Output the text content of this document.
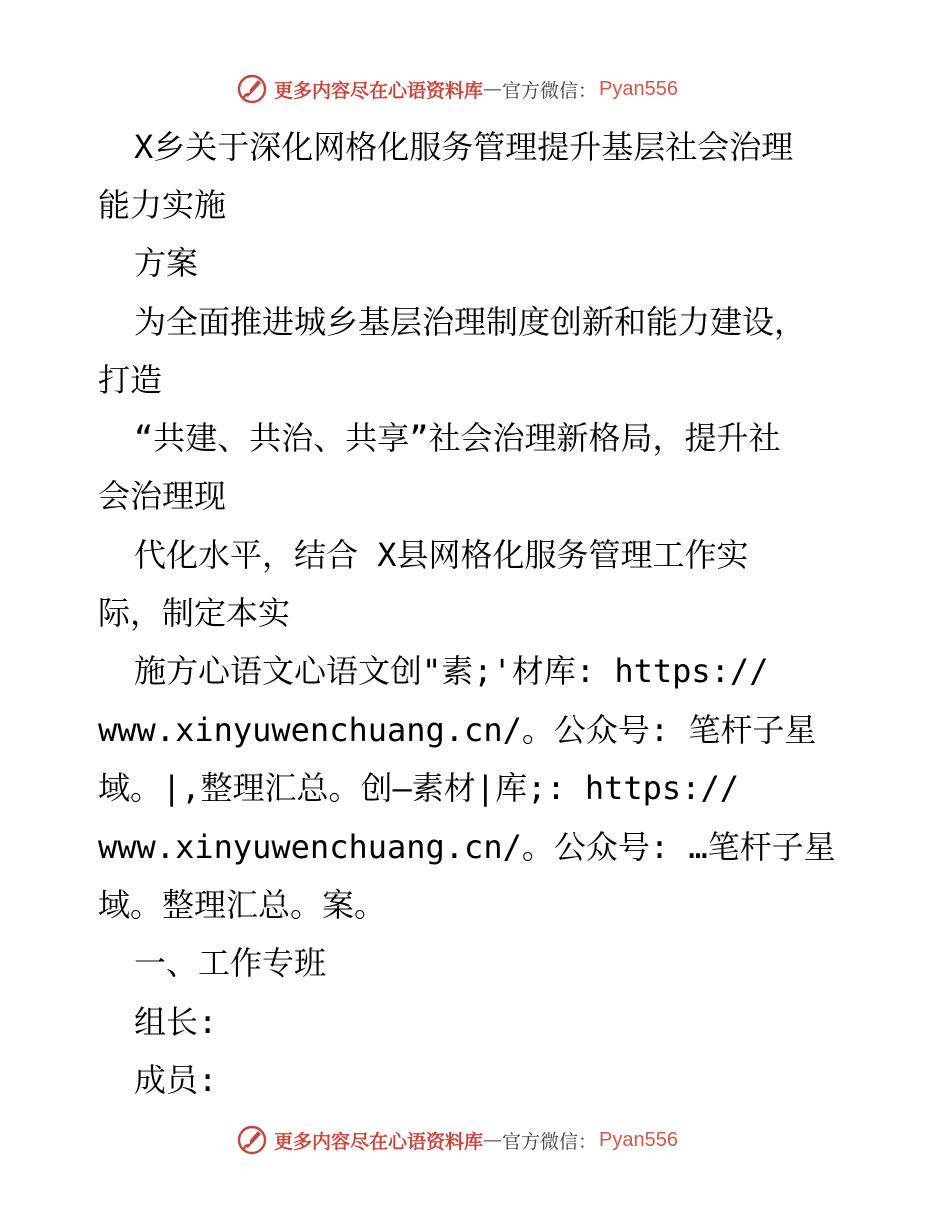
更多内容尽在心语资料库 — 官方微信： Pyan556
X乡关于深化网格化服务管理提升基层社会治理
能力实施
方案
为全面推进城乡基层治理制度创新和能力建设，
打造
“共建、共治、共享”社会治理新格局，提升社
会治理现
代化水平，结合 X县网格化服务管理工作实
际，制定本实
施方心语文心语文创"素;'材库: https://
www.xinyuwenchuang.cn/。公众号: 笔杆子星
域。|,整理汇总。创—素材|库;: https://
www.xinyuwenchuang.cn/。公众号: …笔杆子星
域。整理汇总。案。
一、工作专班
组长:
成员:
更多内容尽在心语资料库 — 官方微信： Pyan556
